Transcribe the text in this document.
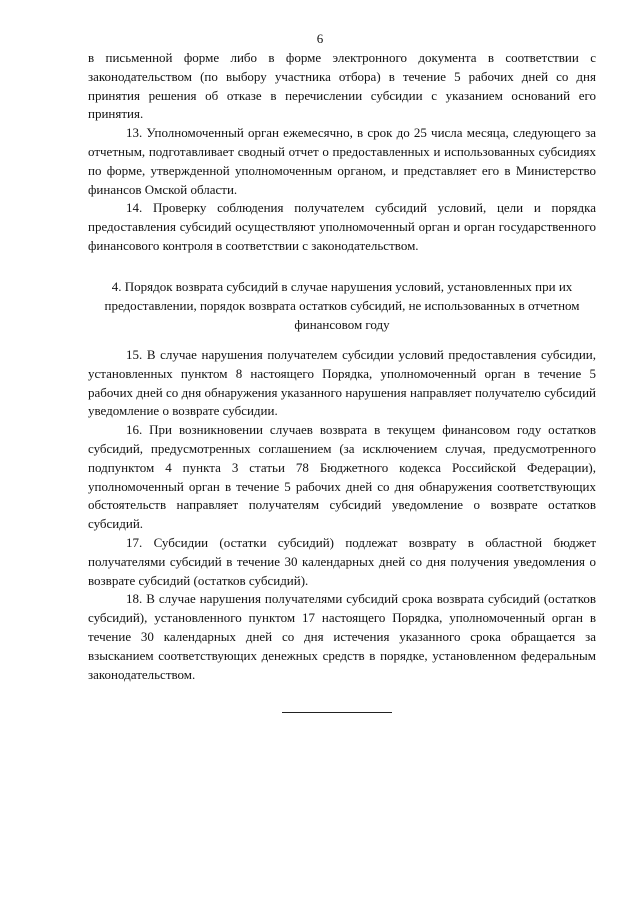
6

в письменной форме либо в форме электронного документа в соответствии с законодательством (по выбору участника отбора) в течение 5 рабочих дней со дня принятия решения об отказе в перечислении субсидии с указанием оснований его принятия.

13. Уполномоченный орган ежемесячно, в срок до 25 числа месяца, следующего за отчетным, подготавливает сводный отчет о предоставленных и использованных субсидиях по форме, утвержденной уполномоченным органом, и представляет его в Министерство финансов Омской области.

14. Проверку соблюдения получателем субсидий условий, цели и порядка предоставления субсидий осуществляют уполномоченный орган и орган государственного финансового контроля в соответствии с законодательством.

4. Порядок возврата субсидий в случае нарушения условий, установленных при их предоставлении, порядок возврата остатков субсидий, не использованных в отчетном финансовом году

15. В случае нарушения получателем субсидии условий предоставления субсидии, установленных пунктом 8 настоящего Порядка, уполномоченный орган в течение 5 рабочих дней со дня обнаружения указанного нарушения направляет получателю субсидий уведомление о возврате субсидии.

16. При возникновении случаев возврата в текущем финансовом году остатков субсидий, предусмотренных соглашением (за исключением случая, предусмотренного подпунктом 4 пункта 3 статьи 78 Бюджетного кодекса Российской Федерации), уполномоченный орган в течение 5 рабочих дней со дня обнаружения соответствующих обстоятельств направляет получателям субсидий уведомление о возврате остатков субсидий.

17. Субсидии (остатки субсидий) подлежат возврату в областной бюджет получателями субсидий в течение 30 календарных дней со дня получения уведомления о возврате субсидий (остатков субсидий).

18. В случае нарушения получателями субсидий срока возврата субсидий (остатков субсидий), установленного пунктом 17 настоящего Порядка, уполномоченный орган в течение 30 календарных дней со дня истечения указанного срока обращается за взысканием соответствующих денежных средств в порядке, установленном федеральным законодательством.
